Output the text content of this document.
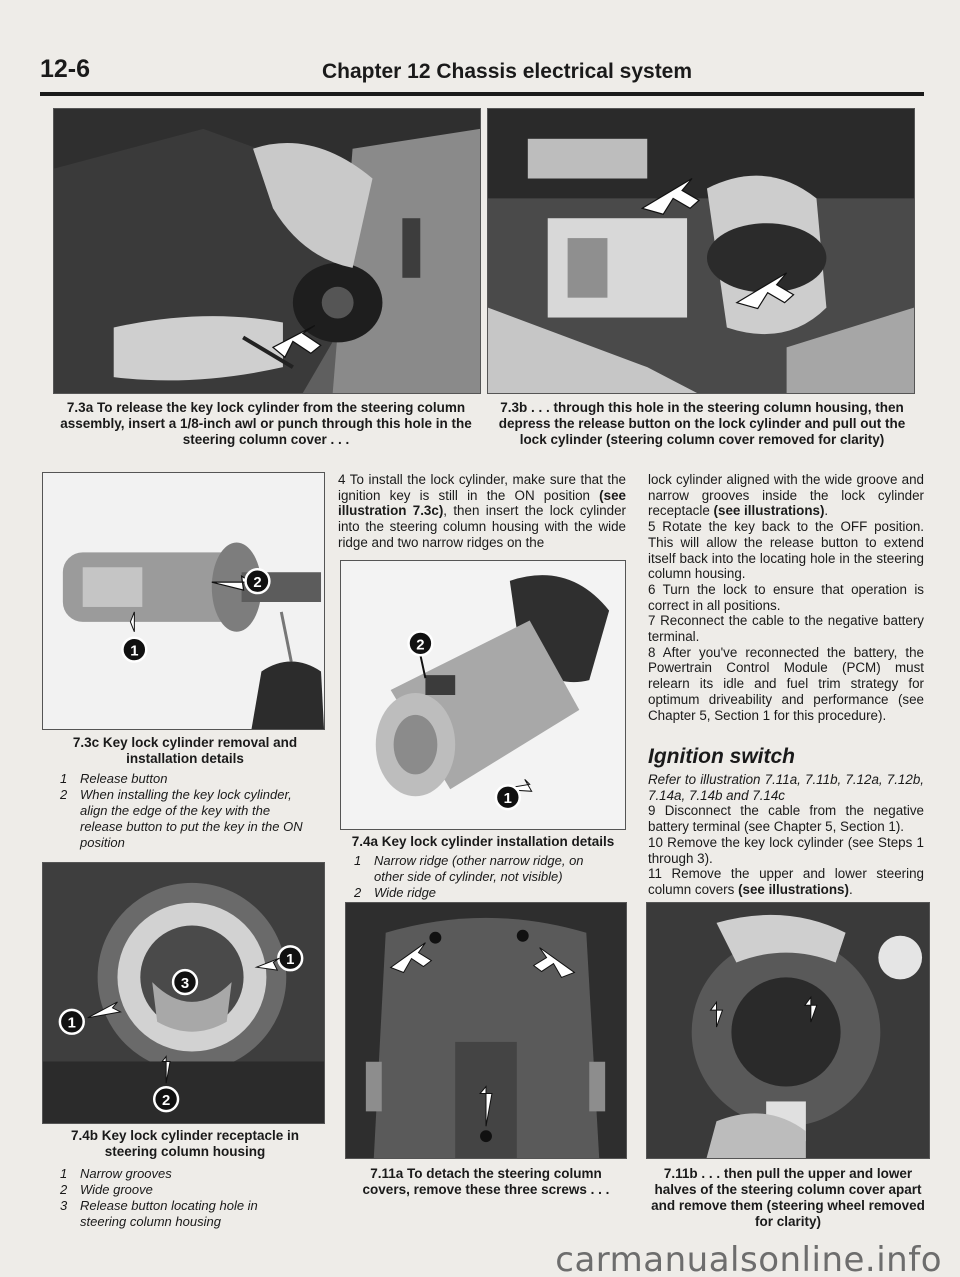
12-6	Chapter 12 Chassis electrical system
7.3a To release the key lock cylinder from the steering column assembly, insert a 1/8-inch awl or punch through this hole in the steering column cover . . .
7.3b . . . through this hole in the steering column housing, then depress the release button on the lock cylinder and pull out the lock cylinder (steering column cover removed for clarity)
2
1
7.3c Key lock cylinder removal and installation details
1 Release button
2 When installing the key lock cylinder, align the edge of the key with the release button to put the key in the ON position
3
1
1
2
7.4b Key lock cylinder receptacle in steering column housing
1 Narrow grooves
2 Wide groove
3 Release button locating hole in steering column housing

4 To install the lock cylinder, make sure that the ignition key is still in the ON position (see illustration 7.3c), then insert the lock cylinder into the steering column housing with the wide ridge and two narrow ridges on the

2
1
7.4a Key lock cylinder installation details
1 Narrow ridge (other narrow ridge, on other side of cylinder, not visible)
2 Wide ridge
7.11a To detach the steering column covers, remove these three screws . . .

lock cylinder aligned with the wide groove and narrow grooves inside the lock cylinder receptacle (see illustrations).

5 Rotate the key back to the OFF position. This will allow the release button to extend itself back into the locating hole in the steering column housing.

6 Turn the lock to ensure that operation is correct in all positions.

7 Reconnect the cable to the negative battery terminal.

8 After you've reconnected the battery, the Powertrain Control Module (PCM) must relearn its idle and fuel trim strategy for optimum driveability and performance (see Chapter 5, Section 1 for this procedure).

Ignition switch

Refer to illustration 7.11a, 7.11b, 7.12a, 7.12b, 7.14a, 7.14b and 7.14c

9 Disconnect the cable from the negative battery terminal (see Chapter 5, Section 1).

10 Remove the key lock cylinder (see Steps 1 through 3).

11 Remove the upper and lower steering column covers (see illustrations).

7.11b . . . then pull the upper and lower halves of the steering column cover apart and remove them (steering wheel removed for clarity)
carmanualsonline.info
